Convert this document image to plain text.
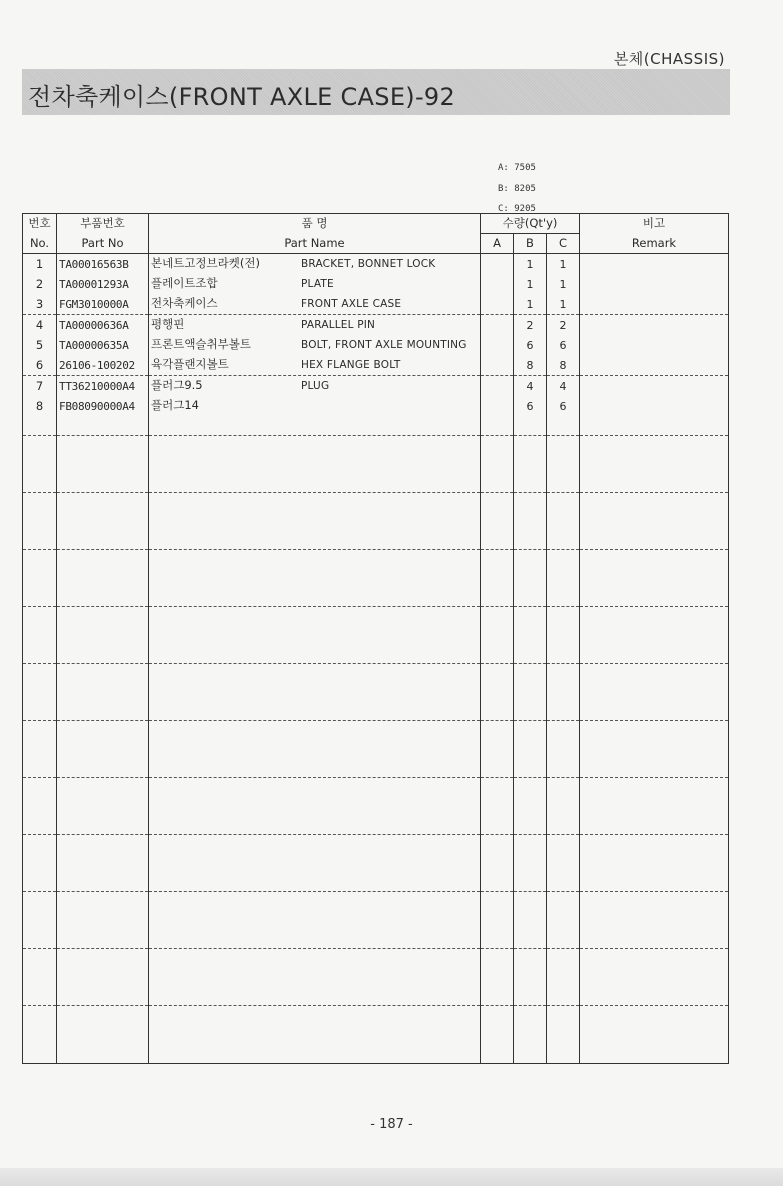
본체(CHASSIS)
전차축케이스(FRONT AXLE CASE)-92
A: 7505
B: 8205
C: 9205
번호	부품번호	품 명	수량(Qt'y)			비고
No.	Part No	Part Name	A	B	C	Remark
1	TA00016563B	본네트고정브라켓(전) BRACKET, BONNET LOCK		1	1	
2	TA00001293A	플레이트조합 PLATE		1	1	
3	FGM3010000A	전차축케이스 FRONT AXLE CASE		1	1	
4	TA00000636A	평행핀 PARALLEL PIN		2	2	
5	TA00000635A	프론트액슬취부볼트 BOLT, FRONT AXLE MOUNTING		6	6	
6	26106-100202	육각플랜지볼트 HEX FLANGE BOLT		8	8	
7	TT36210000A4	플러그9.5 PLUG		4	4	
8	FB08090000A4	플러그14		6	6	

- 187 -
